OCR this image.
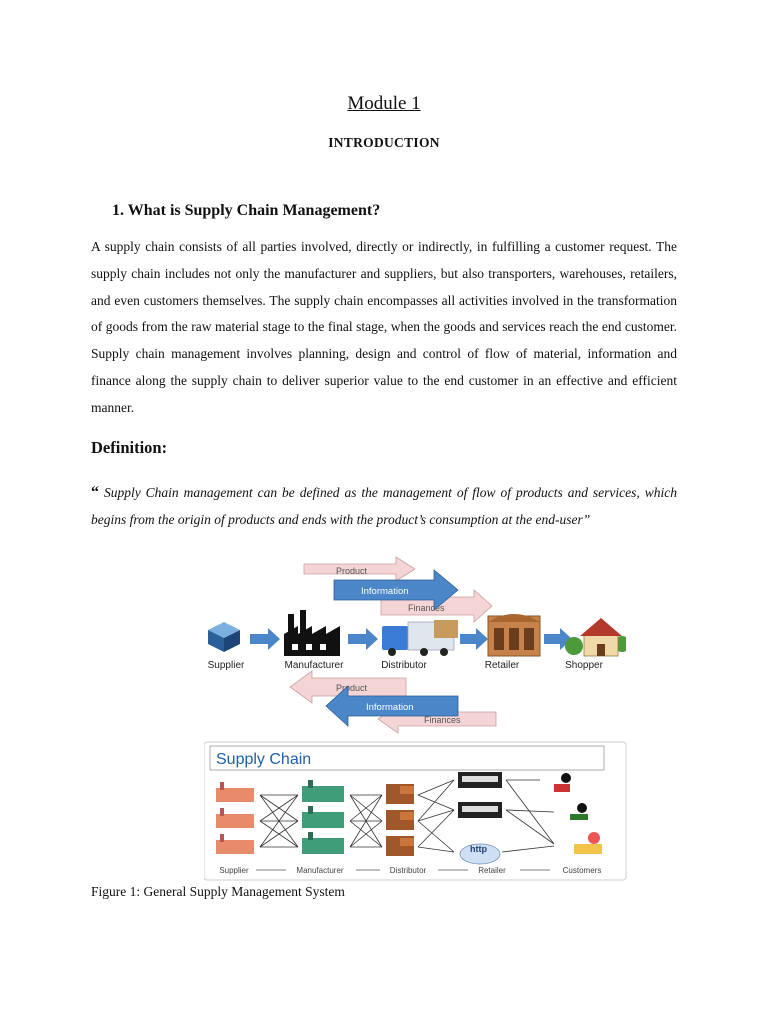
Module 1
INTRODUCTION
1. What is Supply Chain Management?
A supply chain consists of all parties involved, directly or indirectly, in fulfilling a customer request. The supply chain includes not only the manufacturer and suppliers, but also transporters, warehouses, retailers, and even customers themselves. The supply chain encompasses all activities involved in the transformation of goods from the raw material stage to the final stage, when the goods and services reach the end customer. Supply chain management involves planning, design and control of flow of material, information and finance along the supply chain to deliver superior value to the end customer in an effective and efficient manner.
Definition:
“ Supply Chain management can be defined as the management of flow of products and services, which begins from the origin of products and ends with the product’s consumption at the end-user”
Product
Finances
Information
Supplier	Manufacturer	Distributor	Retailer	Shopper
Product
Finances
Information
Supply Chain
http
Supplier	Manufacturer	Distributor	Retailer	Customers
Figure 1: General Supply Management System
